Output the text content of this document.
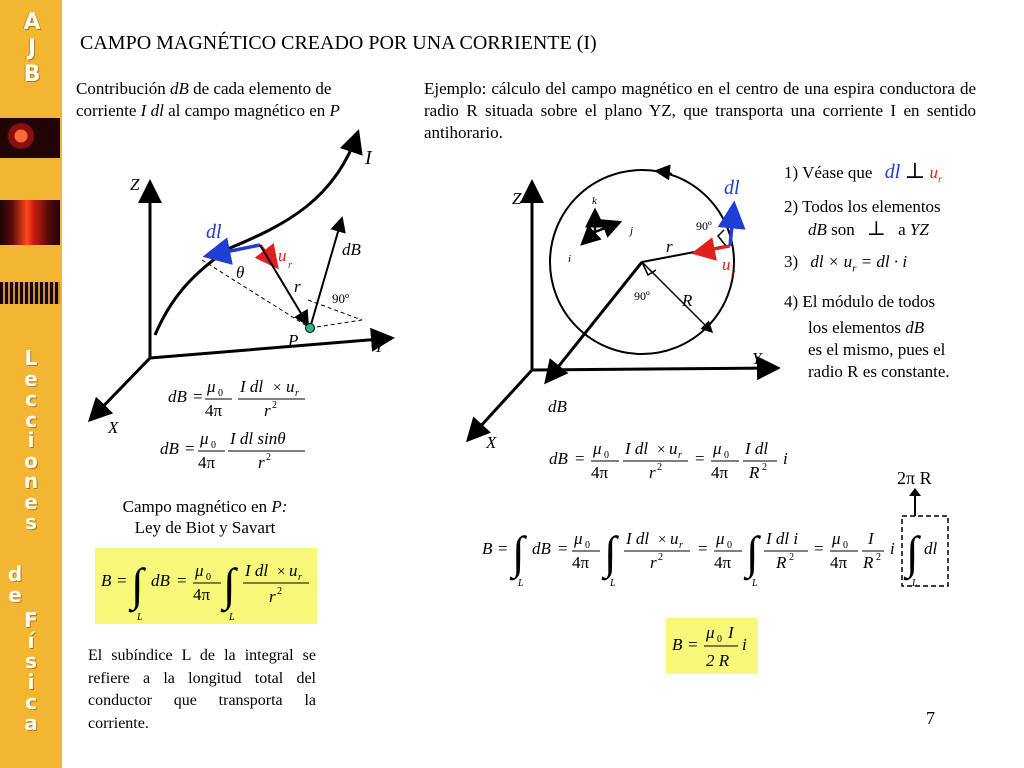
A
J
B
L
e
c
c
i
o
n
e
s
d
e
F
í
s
i
c
a
CAMPO MAGNÉTICO CREADO POR UNA CORRIENTE (I)
Contribución dB de cada elemento de
corriente I dl al campo magnético en P
Ejemplo: cálculo del campo magnético en el centro de una espira conductora de radio R situada sobre el plano YZ, que transporta una corriente I en sentido antihorario.
Z
Y
X
I
dl
u r
r
θ
dB
90º
P
dB =
μ 0
4π
I dl × u r
r 2
dB =
μ 0
4π
I dl sinθ
r 2
Campo magnético en P:
Ley de Biot y Savart
B = ∫
L
dB =
μ 0
4π ∫
L
I dl × u r
r 2
El subíndice L de la integral se refiere a la longitud total del conductor que transporta la corriente.
Z
Y
X
k
j
i
dl
u r
r
R
90º
90º
dB
1) Véase que dl ⊥ $u_r$
2) Todos los elementos
dB son ⊥ a YZ
3) dl × $u_r$ = dl · i
4) El módulo de todos
los elementos dB
es el mismo, pues el
radio R es constante.
dB =
μ 0
4π
I dl × u r
r 2 =
μ 0
4π
I dl
R 2 i
2π R
B = ∫
L
dB =
μ 0
4π ∫
L
I dl × u r
r 2 =
μ 0
4π ∫
L
I dl i
R 2 =
μ 0
4π
I
R 2 i ∫
L
dl
B =
μ 0 I
2 R
i
7
